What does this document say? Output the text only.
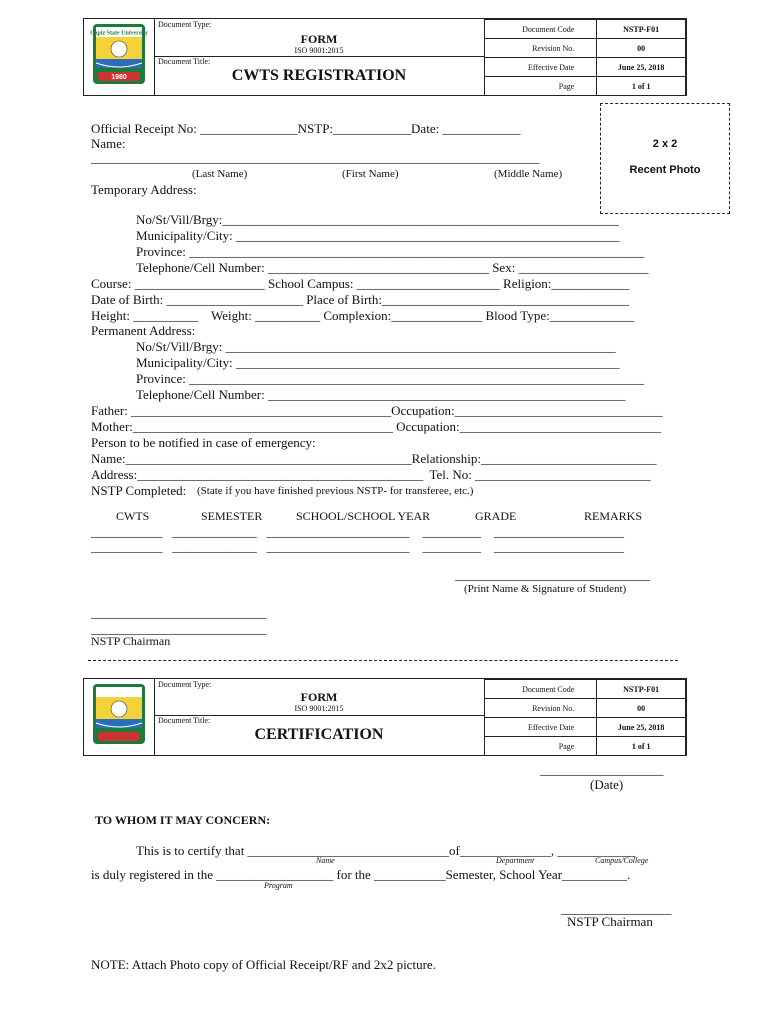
Capiz State University
1980
Document Type:
FORM
ISO 9001:2015
Document Title:
CWTS REGISTRATION
Document Code	NSTP-F01
Revision No.	00
Effective Date	June 25, 2018
Page	1 of 1
2 x 2
Recent Photo
Official Receipt No: _______________NSTP:____________Date: ____________
Name:
_____________________________________________________________________
(Last Name)	(First Name)	(Middle Name)
Temporary Address:
No/St/Vill/Brgy:_____________________________________________________________
Municipality/City: ___________________________________________________________
Province: ______________________________________________________________________
Telephone/Cell Number: __________________________________ Sex: ____________________
Course: ____________________ School Campus: ______________________ Religion:____________
Date of Birth: _____________________ Place of Birth:______________________________________
Height: __________    Weight: __________ Complexion:______________ Blood Type:_____________
Permanent Address:
No/St/Vill/Brgy: ____________________________________________________________
Municipality/City: ___________________________________________________________
Province: ______________________________________________________________________
Telephone/Cell Number: _______________________________________________________
Father: ________________________________________Occupation:________________________________
Mother:________________________________________ Occupation:_______________________________
Person to be notified in case of emergency:
Name:____________________________________________Relationship:___________________________
Address:____________________________________________  Tel. No: ___________________________
NSTP Completed: (State if you have finished previous NSTP- for transferee, etc.)
CWTS	SEMESTER	SCHOOL/SCHOOL YEAR	GRADE	REMARKS
___________   _____________   ______________________    _________    ____________________
___________   _____________   ______________________    _________    ____________________
______________________________
(Print Name & Signature of Student)
___________________________
___________________________
NSTP Chairman
Document Type:
FORM
ISO 9001:2015
Document Title:
CERTIFICATION
Document Code	NSTP-F01
Revision No.	00
Effective Date	June 25, 2018
Page	1 of 1
___________________
(Date)
TO WHOM IT MAY CONCERN:
This is to certify that _______________________________of______________, ____________
Name	Department	Campus/College
is duly registered in the __________________ for the ___________Semester, School Year__________.
Program
_________________
NSTP Chairman
NOTE: Attach Photo copy of Official Receipt/RF and 2x2 picture.
